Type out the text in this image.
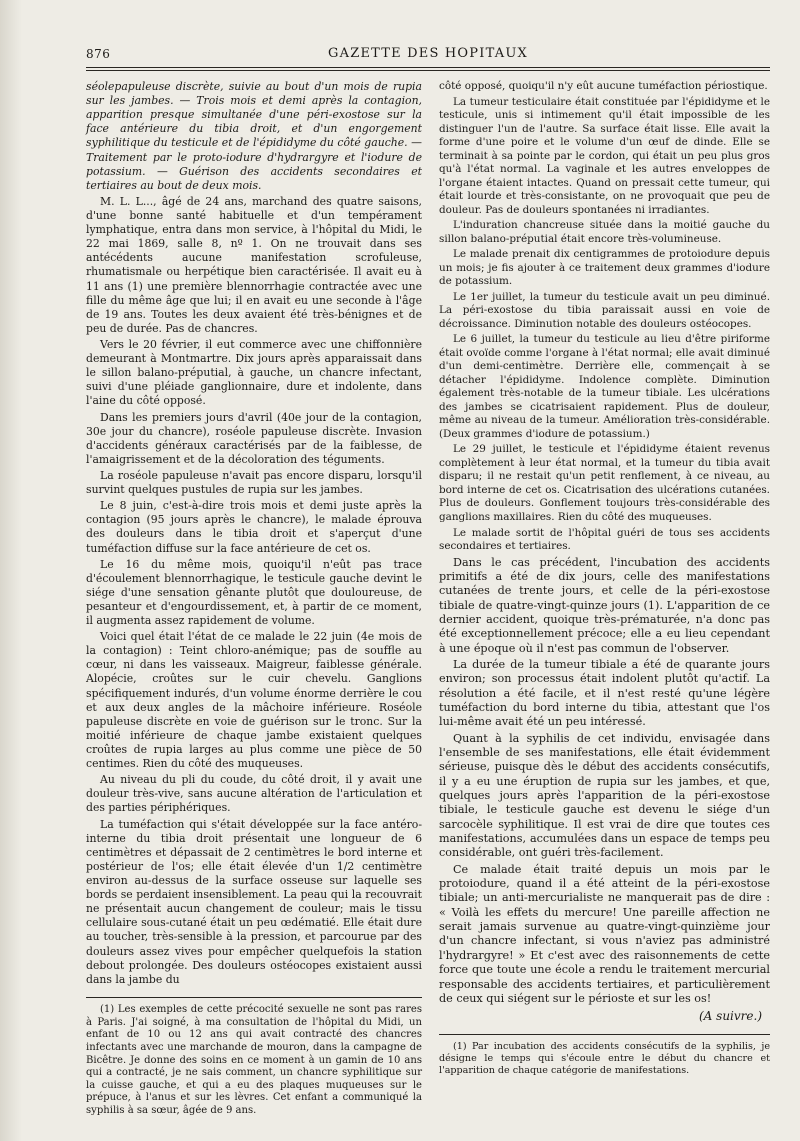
876	GAZETTE DES HOPITAUX

séolepapuleuse discrète, suivie au bout d'un mois de rupia sur les jambes. — Trois mois et demi après la contagion, apparition presque simultanée d'une péri-exostose sur la face antérieure du tibia droit, et d'un engorgement syphilitique du testicule et de l'épididyme du côté gauche. — Traitement par le proto-iodure d'hydrargyre et l'iodure de potassium. — Guérison des accidents secondaires et tertiaires au bout de deux mois.

M. L. L..., âgé de 24 ans, marchand des quatre saisons, d'une bonne santé habituelle et d'un tempérament lymphatique, entra dans mon service, à l'hôpital du Midi, le 22 mai 1869, salle 8, nº 1. On ne trouvait dans ses antécédents aucune manifestation scrofuleuse, rhumatismale ou herpétique bien caractérisée. Il avait eu à 11 ans (1) une première blennorrhagie contractée avec une fille du même âge que lui; il en avait eu une seconde à l'âge de 19 ans. Toutes les deux avaient été très-bénignes et de peu de durée. Pas de chancres.

Vers le 20 février, il eut commerce avec une chiffonnière demeurant à Montmartre. Dix jours après apparaissait dans le sillon balano-préputial, à gauche, un chancre infectant, suivi d'une pléiade ganglionnaire, dure et indolente, dans l'aine du côté opposé.

Dans les premiers jours d'avril (40e jour de la contagion, 30e jour du chancre), roséole papuleuse discrète. Invasion d'accidents généraux caractérisés par de la faiblesse, de l'amaigrissement et de la décoloration des téguments.

La roséole papuleuse n'avait pas encore disparu, lorsqu'il survint quelques pustules de rupia sur les jambes.

Le 8 juin, c'est-à-dire trois mois et demi juste après la contagion (95 jours après le chancre), le malade éprouva des douleurs dans le tibia droit et s'aperçut d'une tuméfaction diffuse sur la face antérieure de cet os.

Le 16 du même mois, quoiqu'il n'eût pas trace d'écoulement blennorrhagique, le testicule gauche devint le siége d'une sensation gênante plutôt que douloureuse, de pesanteur et d'engourdissement, et, à partir de ce moment, il augmenta assez rapidement de volume.

Voici quel était l'état de ce malade le 22 juin (4e mois de la contagion) : Teint chloro-anémique; pas de souffle au cœur, ni dans les vaisseaux. Maigreur, faiblesse générale. Alopécie, croûtes sur le cuir chevelu. Ganglions spécifiquement indurés, d'un volume énorme derrière le cou et aux deux angles de la mâchoire inférieure. Roséole papuleuse discrète en voie de guérison sur le tronc. Sur la moitié inférieure de chaque jambe existaient quelques croûtes de rupia larges au plus comme une pièce de 50 centimes. Rien du côté des muqueuses.

Au niveau du pli du coude, du côté droit, il y avait une douleur très-vive, sans aucune altération de l'articulation et des parties périphériques.

La tuméfaction qui s'était développée sur la face antéro-interne du tibia droit présentait une longueur de 6 centimètres et dépassait de 2 centimètres le bord interne et postérieur de l'os; elle était élevée d'un 1/2 centimètre environ au-dessus de la surface osseuse sur laquelle ses bords se perdaient insensiblement. La peau qui la recouvrait ne présentait aucun changement de couleur; mais le tissu cellulaire sous-cutané était un peu œdématié. Elle était dure au toucher, très-sensible à la pression, et parcourue par des douleurs assez vives pour empêcher quelquefois la station debout prolongée. Des douleurs ostéocopes existaient aussi dans la jambe du

(1) Les exemples de cette précocité sexuelle ne sont pas rares à Paris. J'ai soigné, à ma consultation de l'hôpital du Midi, un enfant de 10 ou 12 ans qui avait contracté des chancres infectants avec une marchande de mouron, dans la campagne de Bicêtre. Je donne des soins en ce moment à un gamin de 10 ans qui a contracté, je ne sais comment, un chancre syphilitique sur la cuisse gauche, et qui a eu des plaques muqueuses sur le prépuce, à l'anus et sur les lèvres. Cet enfant a communiqué la syphilis à sa sœur, âgée de 9 ans.

côté opposé, quoiqu'il n'y eût aucune tuméfaction périostique.

La tumeur testiculaire était constituée par l'épididyme et le testicule, unis si intimement qu'il était impossible de les distinguer l'un de l'autre. Sa surface était lisse. Elle avait la forme d'une poire et le volume d'un œuf de dinde. Elle se terminait à sa pointe par le cordon, qui était un peu plus gros qu'à l'état normal. La vaginale et les autres enveloppes de l'organe étaient intactes. Quand on pressait cette tumeur, qui était lourde et très-consistante, on ne provoquait que peu de douleur. Pas de douleurs spontanées ni irradiantes.

L'induration chancreuse située dans la moitié gauche du sillon balano-préputial était encore très-volumineuse.

Le malade prenait dix centigrammes de protoiodure depuis un mois; je fis ajouter à ce traitement deux grammes d'iodure de potassium.

Le 1er juillet, la tumeur du testicule avait un peu diminué. La péri-exostose du tibia paraissait aussi en voie de décroissance. Diminution notable des douleurs ostéocopes.

Le 6 juillet, la tumeur du testicule au lieu d'être piriforme était ovoïde comme l'organe à l'état normal; elle avait diminué d'un demi-centimètre. Derrière elle, commençait à se détacher l'épididyme. Indolence complète. Diminution également très-notable de la tumeur tibiale. Les ulcérations des jambes se cicatrisaient rapidement. Plus de douleur, même au niveau de la tumeur. Amélioration très-considérable. (Deux grammes d'iodure de potassium.)

Le 29 juillet, le testicule et l'épididyme étaient revenus complètement à leur état normal, et la tumeur du tibia avait disparu; il ne restait qu'un petit renflement, à ce niveau, au bord interne de cet os. Cicatrisation des ulcérations cutanées. Plus de douleurs. Gonflement toujours très-considérable des ganglions maxillaires. Rien du côté des muqueuses.

Le malade sortit de l'hôpital guéri de tous ses accidents secondaires et tertiaires.

Dans le cas précédent, l'incubation des accidents primitifs a été de dix jours, celle des manifestations cutanées de trente jours, et celle de la péri-exostose tibiale de quatre-vingt-quinze jours (1). L'apparition de ce dernier accident, quoique très-prématurée, n'a donc pas été exceptionnellement précoce; elle a eu lieu cependant à une époque où il n'est pas commun de l'observer.

La durée de la tumeur tibiale a été de quarante jours environ; son processus était indolent plutôt qu'actif. La résolution a été facile, et il n'est resté qu'une légère tuméfaction du bord interne du tibia, attestant que l'os lui-même avait été un peu intéressé.

Quant à la syphilis de cet individu, envisagée dans l'ensemble de ses manifestations, elle était évidemment sérieuse, puisque dès le début des accidents consécutifs, il y a eu une éruption de rupia sur les jambes, et que, quelques jours après l'apparition de la péri-exostose tibiale, le testicule gauche est devenu le siége d'un sarcocèle syphilitique. Il est vrai de dire que toutes ces manifestations, accumulées dans un espace de temps peu considérable, ont guéri très-facilement.

Ce malade était traité depuis un mois par le protoiodure, quand il a été atteint de la péri-exostose tibiale; un anti-mercurialiste ne manquerait pas de dire : « Voilà les effets du mercure! Une pareille affection ne serait jamais survenue au quatre-vingt-quinzième jour d'un chancre infectant, si vous n'aviez pas administré l'hydrargyre! » Et c'est avec des raisonnements de cette force que toute une école a rendu le traitement mercurial responsable des accidents tertiaires, et particulièrement de ceux qui siégent sur le périoste et sur les os!

(A suivre.)

(1) Par incubation des accidents consécutifs de la syphilis, je désigne le temps qui s'écoule entre le début du chancre et l'apparition de chaque catégorie de manifestations.
